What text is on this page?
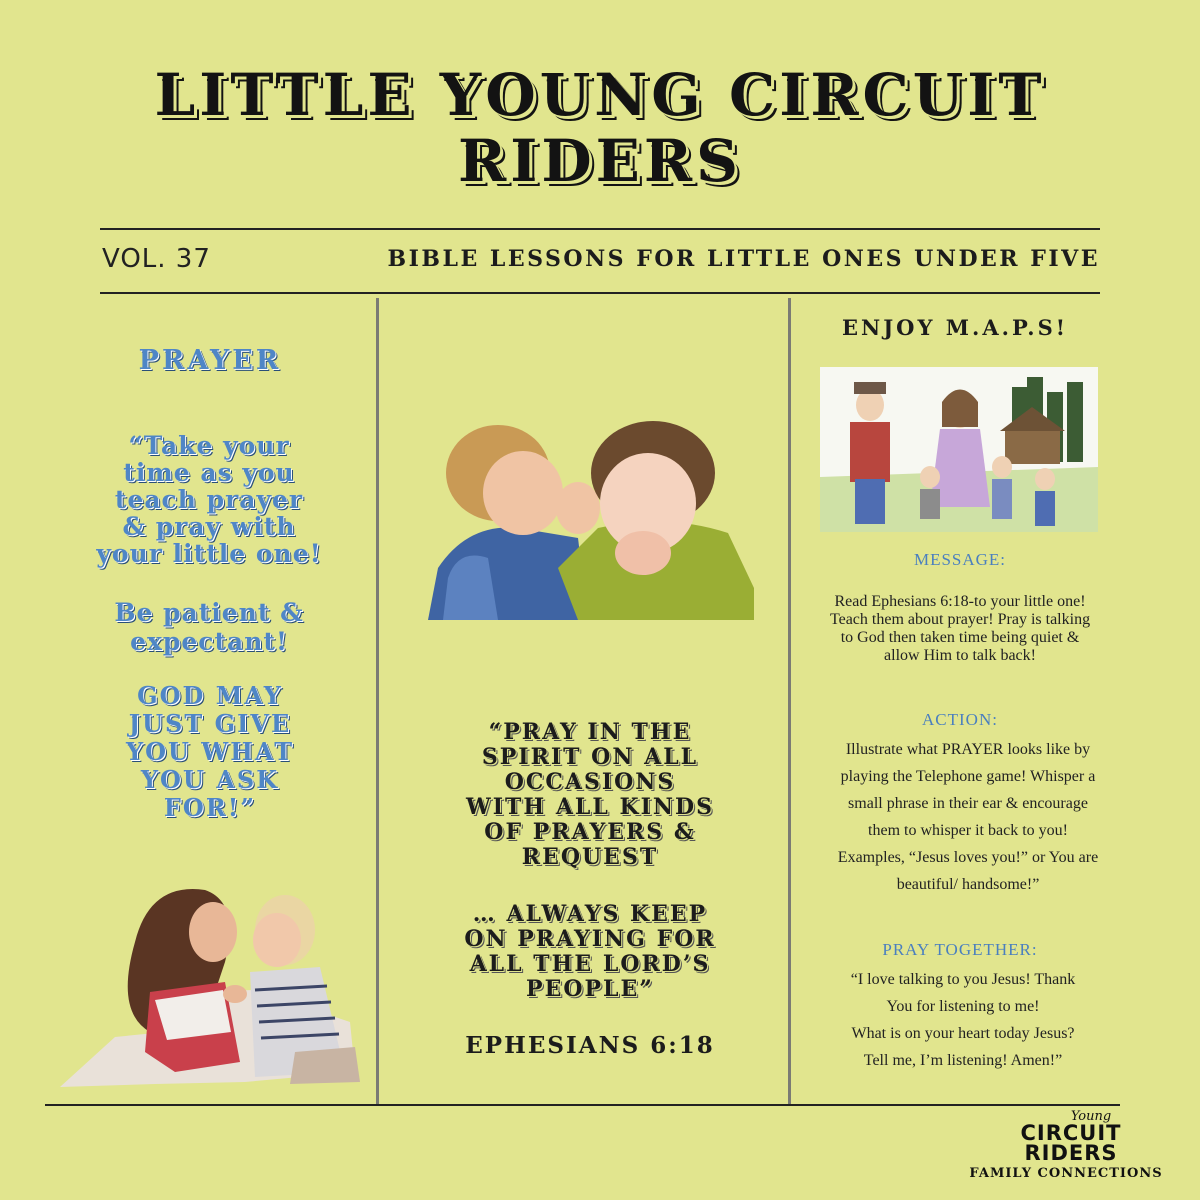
LITTLE YOUNG CIRCUIT
RIDERS
VOL. 37	BIBLE LESSONS FOR LITTLE ONES UNDER FIVE
PRAYER
“Take your
time as you
teach prayer
& pray with
your little one!
Be patient &
expectant!
GOD MAY
JUST GIVE
YOU WHAT
YOU ASK
FOR!”
“PRAY IN THE
SPIRIT ON ALL
OCCASIONS
WITH ALL KINDS
OF PRAYERS &
REQUEST
… ALWAYS KEEP
ON PRAYING FOR
ALL THE LORD’S
PEOPLE”
EPHESIANS 6:18
ENJOY M.A.P.S!
MESSAGE:
Read Ephesians 6:18-to your little one! Teach them about prayer! Pray is talking to God then taken time being quiet & allow Him to talk back!
ACTION:
Illustrate what PRAYER looks like by playing the Telephone game! Whisper a small phrase in their ear & encourage them to whisper it back to you! Examples, “Jesus loves you!” or You are beautiful/ handsome!”
PRAY TOGETHER:
“I love talking to you Jesus! Thank
You for listening to me!
What is on your heart today Jesus?
Tell me, I’m listening! Amen!”
Young
CIRCUIT
RIDERS
FAMILY CONNECTIONS
